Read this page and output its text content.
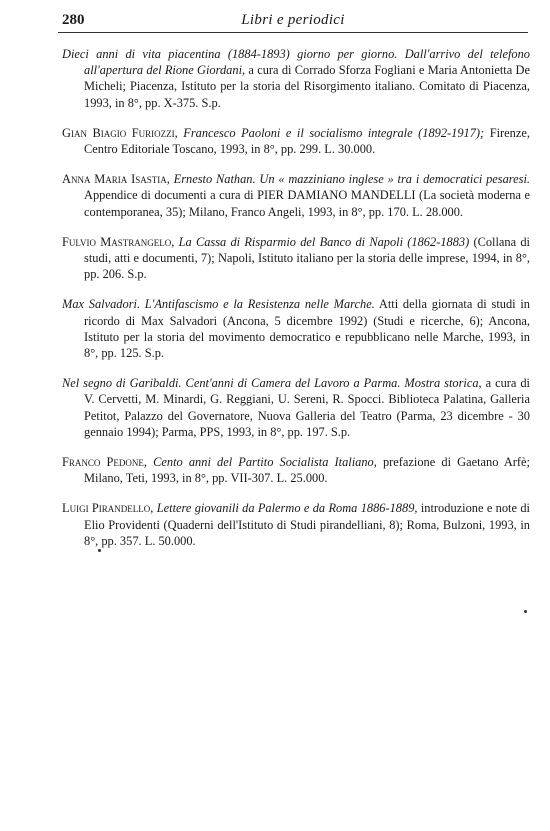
280	Libri e periodici

Dieci anni di vita piacentina (1884-1893) giorno per giorno. Dall'arrivo del telefono all'apertura del Rione Giordani, a cura di Corrado Sforza Fogliani e Maria Antonietta De Micheli; Piacenza, Istituto per la storia del Risorgimento italiano. Comitato di Piacenza, 1993, in 8°, pp. X-375. S.p.

Gian Biagio Furiozzi, Francesco Paoloni e il socialismo integrale (1892-1917); Firenze, Centro Editoriale Toscano, 1993, in 8°, pp. 299. L. 30.000.

Anna Maria Isastia, Ernesto Nathan. Un « mazziniano inglese » tra i democratici pesaresi. Appendice di documenti a cura di PIER DAMIANO MANDELLI (La società moderna e contemporanea, 35); Milano, Franco Angeli, 1993, in 8°, pp. 170. L. 28.000.

Fulvio Mastrangelo, La Cassa di Risparmio del Banco di Napoli (1862-1883) (Collana di studi, atti e documenti, 7); Napoli, Istituto italiano per la storia delle imprese, 1994, in 8°, pp. 206. S.p.

Max Salvadori. L'Antifascismo e la Resistenza nelle Marche. Atti della giornata di studi in ricordo di Max Salvadori (Ancona, 5 dicembre 1992) (Studi e ricerche, 6); Ancona, Istituto per la storia del movimento democratico e repubblicano nelle Marche, 1993, in 8°, pp. 125. S.p.

Nel segno di Garibaldi. Cent'anni di Camera del Lavoro a Parma. Mostra storica, a cura di V. Cervetti, M. Minardi, G. Reggiani, U. Sereni, R. Spocci. Biblioteca Palatina, Galleria Petitot, Palazzo del Governatore, Nuova Galleria del Teatro (Parma, 23 dicembre - 30 gennaio 1994); Parma, PPS, 1993, in 8°, pp. 197. S.p.

Franco Pedone, Cento anni del Partito Socialista Italiano, prefazione di Gaetano Arfè; Milano, Teti, 1993, in 8°, pp. VII-307. L. 25.000.

Luigi Pirandello, Lettere giovanili da Palermo e da Roma 1886-1889, introduzione e note di Elio Providenti (Quaderni dell'Istituto di Studi pirandelliani, 8); Roma, Bulzoni, 1993, in 8°, pp. 357. L. 50.000.
